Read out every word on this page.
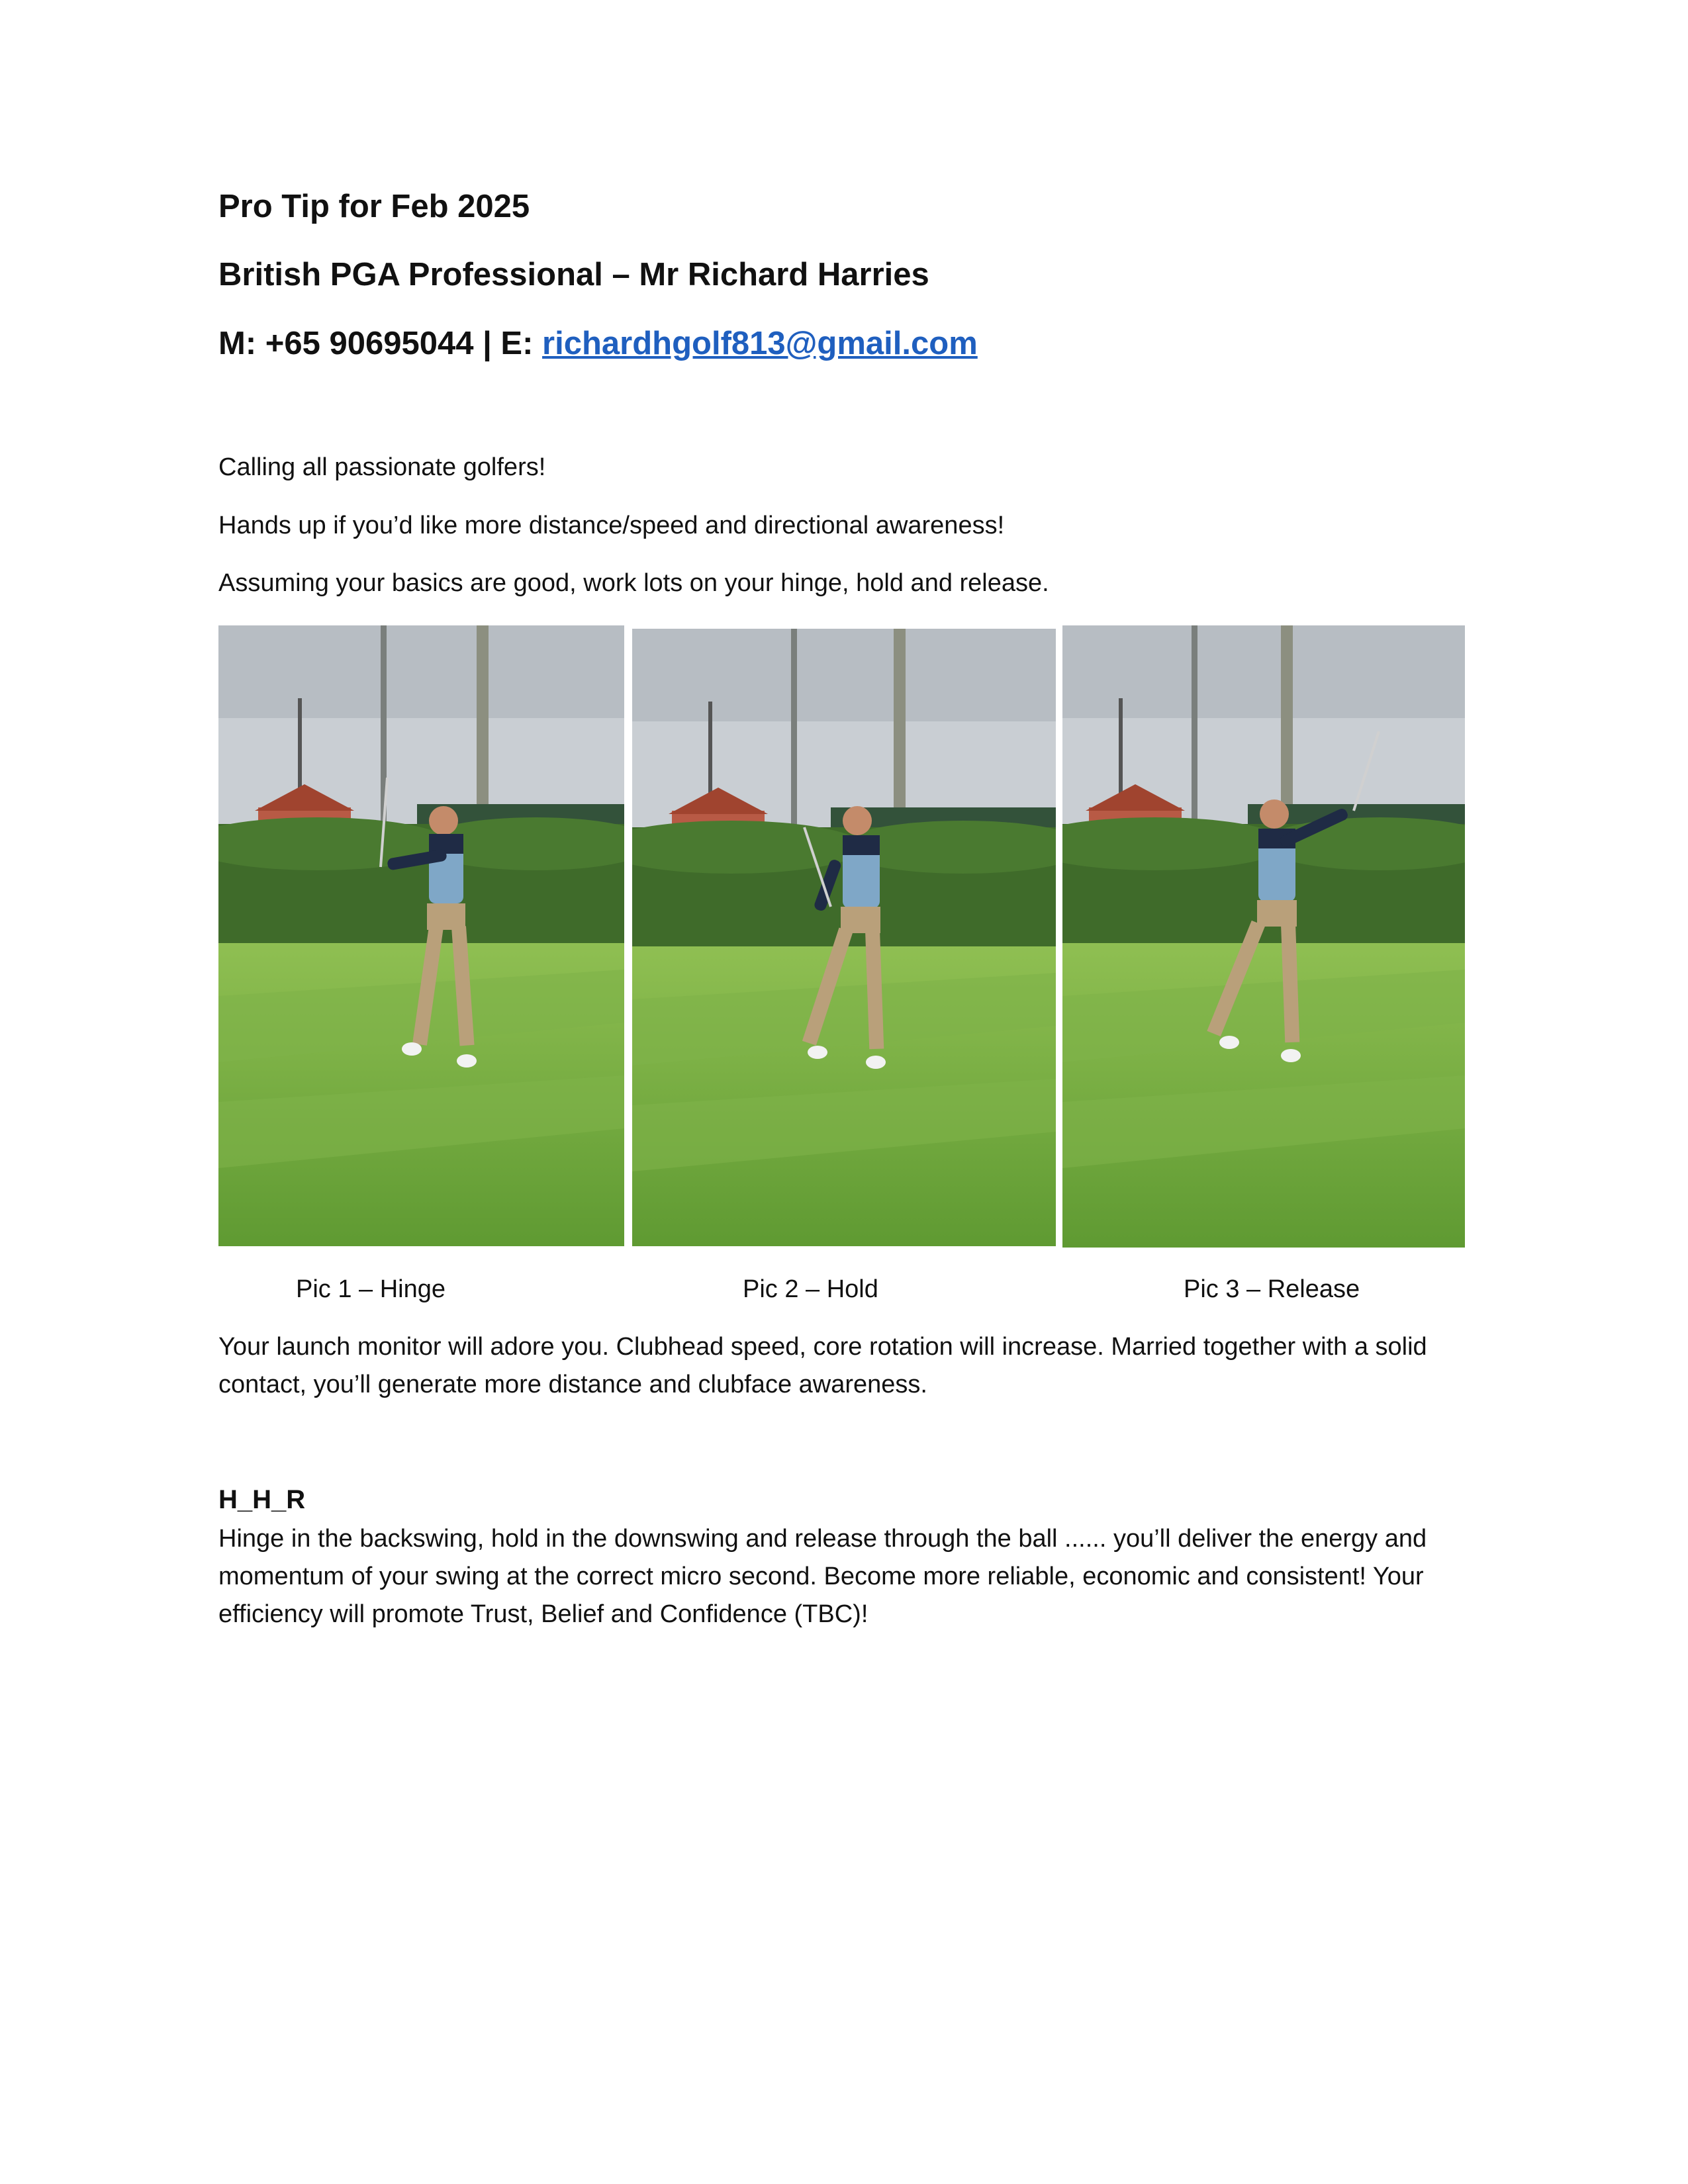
Pro Tip for Feb 2025
British PGA Professional – Mr Richard Harries
M: +65 90695044 | E: richardhgolf813@gmail.com

Calling all passionate golfers!

Hands up if you’d like more distance/speed and directional awareness!

Assuming your basics are good, work lots on your hinge, hold and release.

Pic 1 – Hinge	Pic 2 – Hold	Pic 3 – Release

Your launch monitor will adore you. Clubhead speed, core rotation will increase. Married together with a solid contact, you’ll generate more distance and clubface awareness.

H_H_R

Hinge in the backswing, hold in the downswing and release through the ball ...... you’ll deliver the energy and momentum of your swing at the correct micro second. Become more reliable, economic and consistent! Your efficiency will promote Trust, Belief and Confidence (TBC)!
